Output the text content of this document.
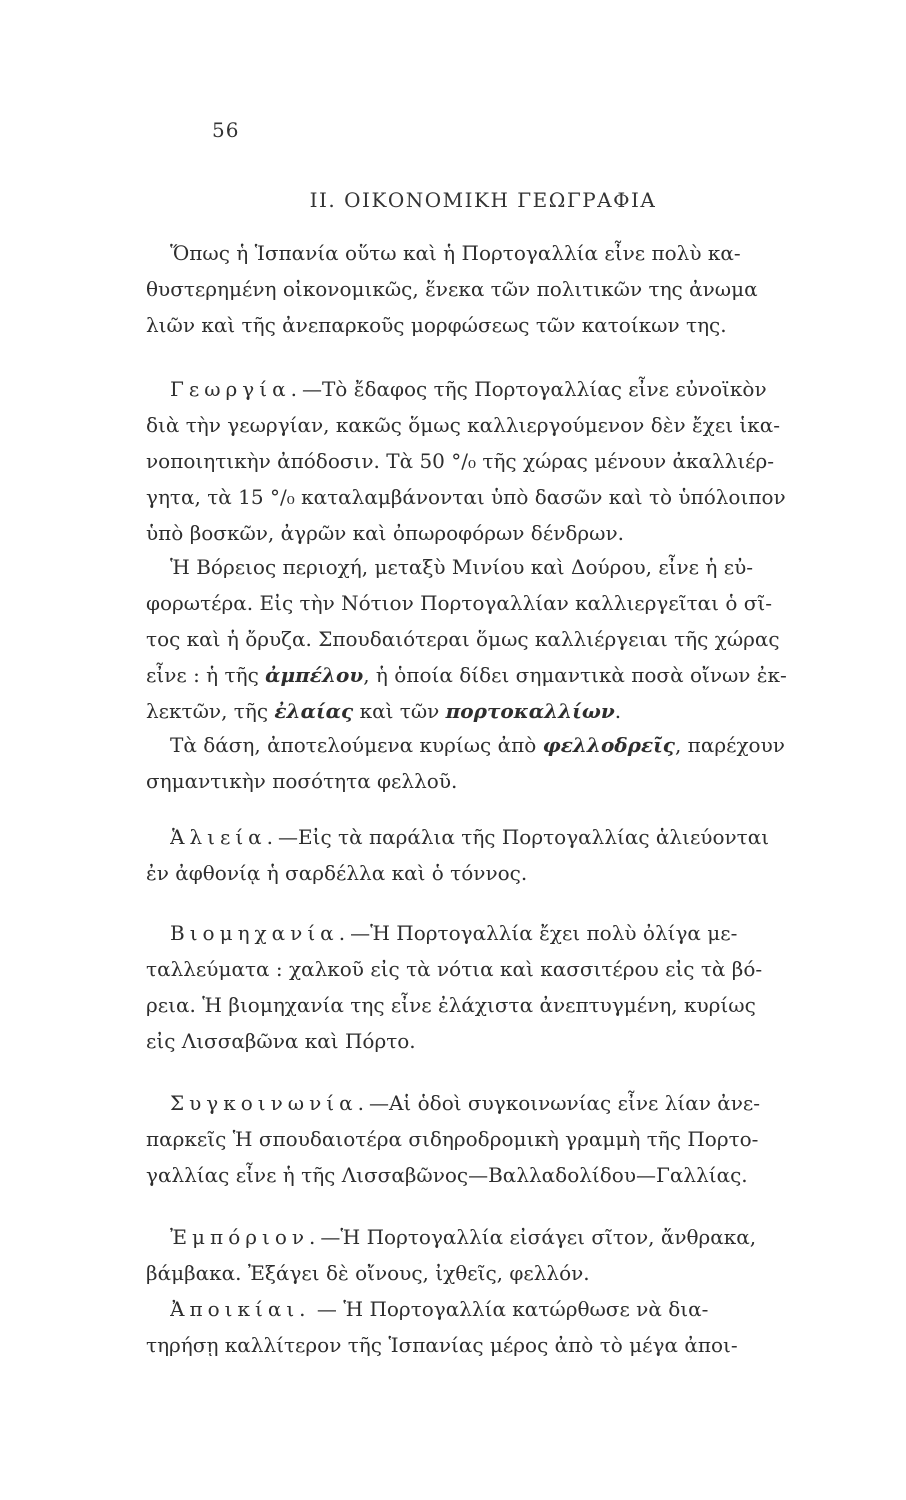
56
II. ΟΙΚΟΝΟΜΙΚΗ ΓΕΩΓΡΑΦΙΑ
Ὅπως ἡ Ἱσπανία οὕτω καὶ ἡ Πορτογαλλία εἶνε πολὺ κα-
θυστερημένη οἰκονομικῶς, ἕνεκα τῶν πολιτικῶν της ἀνωμα
λιῶν καὶ τῆς ἀνεπαρκοῦς μορφώσεως τῶν κατοίκων της.
Γεωργία.—Τὸ ἔδαφος τῆς Πορτογαλλίας εἶνε εὐνοϊκὸν
διὰ τὴν γεωργίαν, κακῶς ὅμως καλλιεργούμενον δὲν ἔχει ἱκα-
νοποιητικὴν ἀπόδοσιν. Τὰ 50 °/₀ τῆς χώρας μένουν ἀκαλλιέρ-
γητα, τὰ 15 °/₀ καταλαμβάνονται ὑπὸ δασῶν καὶ τὸ ὑπόλοιπον
ὑπὸ βοσκῶν, ἀγρῶν καὶ ὀπωροφόρων δένδρων.
Ἡ Βόρειος περιοχή, μεταξὺ Μινίου καὶ Δούρου, εἶνε ἡ εὐ-
φορωτέρα. Εἰς τὴν Νότιον Πορτογαλλίαν καλλιεργεῖται ὁ σῖ-
τος καὶ ἡ ὄρυζα. Σπουδαιότεραι ὅμως καλλιέργειαι τῆς χώρας
εἶνε : ἡ τῆς ἀμπέλου, ἡ ὁποία δίδει σημαντικὰ ποσὰ οἴνων ἐκ-
λεκτῶν, τῆς ἐλαίας καὶ τῶν πορτοκαλλίων.
Τὰ δάση, ἀποτελούμενα κυρίως ἀπὸ φελλοδρεῖς, παρέχουν
σημαντικὴν ποσότητα φελλοῦ.
Ἁλιεία.—Εἰς τὰ παράλια τῆς Πορτογαλλίας ἁλιεύονται
ἐν ἀφθονίᾳ ἡ σαρδέλλα καὶ ὁ τόννος.
Βιομηχανία.—Ἡ Πορτογαλλία ἔχει πολὺ ὀλίγα με-
ταλλεύματα : χαλκοῦ εἰς τὰ νότια καὶ κασσιτέρου εἰς τὰ βό-
ρεια. Ἡ βιομηχανία της εἶνε ἐλάχιστα ἀνεπτυγμένη, κυρίως
εἰς Λισσαβῶνα καὶ Πόρτο.
Συγκοινωνία.—Αἱ ὁδοὶ συγκοινωνίας εἶνε λίαν ἀνε-
παρκεῖς Ἡ σπουδαιοτέρα σιδηροδρομικὴ γραμμὴ τῆς Πορτο-
γαλλίας εἶνε ἡ τῆς Λισσαβῶνος—Βαλλαδολίδου—Γαλλίας.
Ἐμπόριον.—Ἡ Πορτογαλλία εἰσάγει σῖτον, ἄνθρακα,
βάμβακα. Ἐξάγει δὲ οἴνους, ἰχθεῖς, φελλόν.
Ἀποικίαι. — Ἡ Πορτογαλλία κατώρθωσε νὰ δια-
τηρήσῃ καλλίτερον τῆς Ἱσπανίας μέρος ἀπὸ τὸ μέγα ἀποι-
